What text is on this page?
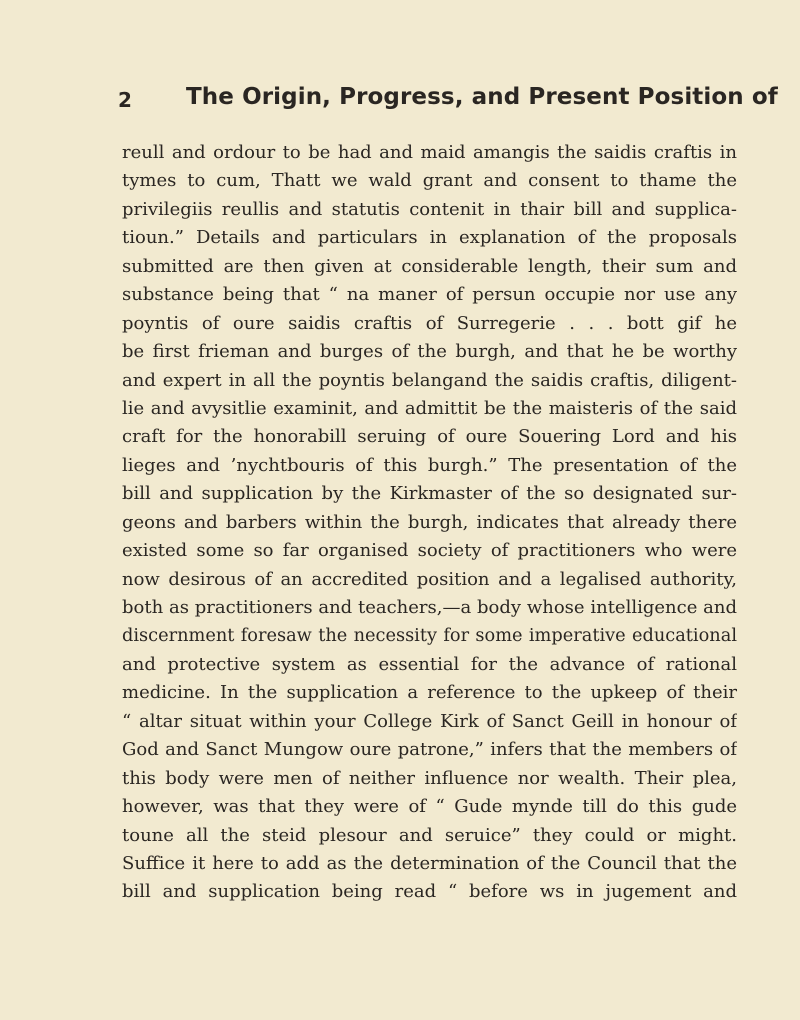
2 The Origin, Progress, and Present Position of
reull and ordour to be had and maid amangis the saidis craftis in
tymes to cum, Thatt we wald grant and consent to thame the
privilegiis reullis and statutis contenit in thair bill and supplica-
tioun.” Details and particulars in explanation of the proposals
submitted are then given at considerable length, their sum and
substance being that “ na maner of persun occupie nor use any
poyntis of oure saidis craftis of Surregerie . . . bott gif he
be first frieman and burges of the burgh, and that he be worthy
and expert in all the poyntis belangand the saidis craftis, diligent-
lie and avysitlie examinit, and admittit be the maisteris of the said
craft for the honorabill seruing of oure Souering Lord and his
lieges and ’nychtbouris of this burgh.” The presentation of the
bill and supplication by the Kirkmaster of the so designated sur-
geons and barbers within the burgh, indicates that already there
existed some so far organised society of practitioners who were
now desirous of an accredited position and a legalised authority,
both as practitioners and teachers,—a body whose intelligence and
discernment foresaw the necessity for some imperative educational
and protective system as essential for the advance of rational
medicine. In the supplication a reference to the upkeep of their
“ altar situat within your College Kirk of Sanct Geill in honour of
God and Sanct Mungow oure patrone,” infers that the members of
this body were men of neither influence nor wealth. Their plea,
however, was that they were of “ Gude mynde till do this gude
toune all the steid plesour and seruice” they could or might.
Suffice it here to add as the determination of the Council that the
bill and supplication being read “ before ws in jugement and
